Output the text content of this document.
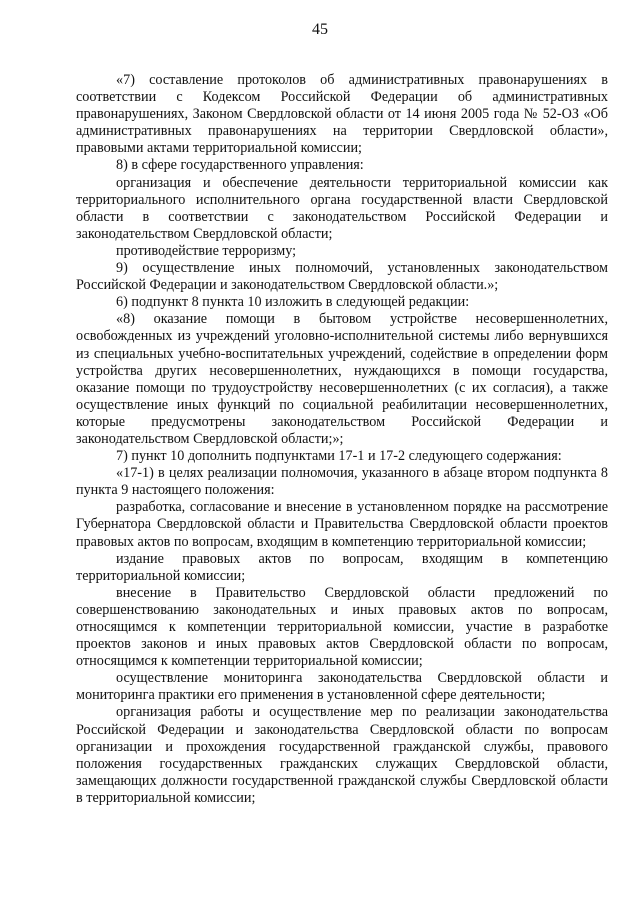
45

«7) составление протоколов об административных правонарушениях в соответствии с Кодексом Российской Федерации об административных правонарушениях, Законом Свердловской области от 14 июня 2005 года № 52-ОЗ «Об административных правонарушениях на территории Свердловской области», правовыми актами территориальной комиссии;

8) в сфере государственного управления:

организация и обеспечение деятельности территориальной комиссии как территориального исполнительного органа государственной власти Свердловской области в соответствии с законодательством Российской Федерации и законодательством Свердловской области;

противодействие терроризму;

9) осуществление иных полномочий, установленных законодательством Российской Федерации и законодательством Свердловской области.»;

6) подпункт 8 пункта 10 изложить в следующей редакции:

«8) оказание помощи в бытовом устройстве несовершеннолетних, освобожденных из учреждений уголовно-исполнительной системы либо вернувшихся из специальных учебно-воспитательных учреждений, содействие в определении форм устройства других несовершеннолетних, нуждающихся в помощи государства, оказание помощи по трудоустройству несовершеннолетних (с их согласия), а также осуществление иных функций по социальной реабилитации несовершеннолетних, которые предусмотрены законодательством Российской Федерации и законодательством Свердловской области;»;

7) пункт 10 дополнить подпунктами 17-1 и 17-2 следующего содержания:

«17-1) в целях реализации полномочия, указанного в абзаце втором подпункта 8 пункта 9 настоящего положения:

разработка, согласование и внесение в установленном порядке на рассмотрение Губернатора Свердловской области и Правительства Свердловской области проектов правовых актов по вопросам, входящим в компетенцию территориальной комиссии;

издание правовых актов по вопросам, входящим в компетенцию территориальной комиссии;

внесение в Правительство Свердловской области предложений по совершенствованию законодательных и иных правовых актов по вопросам, относящимся к компетенции территориальной комиссии, участие в разработке проектов законов и иных правовых актов Свердловской области по вопросам, относящимся к компетенции территориальной комиссии;

осуществление мониторинга законодательства Свердловской области и мониторинга практики его применения в установленной сфере деятельности;

организация работы и осуществление мер по реализации законодательства Российской Федерации и законодательства Свердловской области по вопросам организации и прохождения государственной гражданской службы, правового положения государственных гражданских служащих Свердловской области, замещающих должности государственной гражданской службы Свердловской области в территориальной комиссии;
